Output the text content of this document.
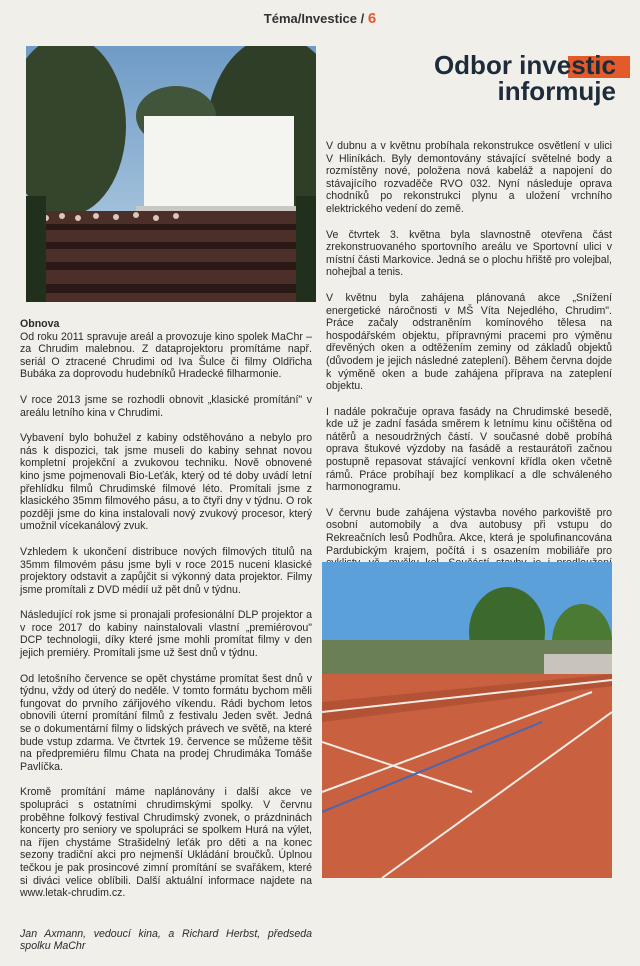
Téma/Investice / 6
Odbor investic
informuje

Obnova

Od roku 2011 spravuje areál a provozuje kino spolek MaChr – za Chrudim malebnou. Z dataprojektoru promítáme např. seriál O ztracené Chrudimi od Iva Šulce či filmy Oldřicha Bubáka za doprovodu hudebníků Hradecké filharmonie.

V roce 2013 jsme se rozhodli obnovit „klasické promítání" v areálu letního kina v Chrudimi.

Vybavení bylo bohužel z kabiny odstěhováno a nebylo pro nás k dispozici, tak jsme museli do kabiny sehnat novou kompletní projekční a zvukovou techniku. Nově obnovené kino jsme pojmenovali Bio-Leťák, který od té doby uvádí letní přehlídku filmů Chrudimské filmové léto. Promítali jsme z klasického 35mm filmového pásu, a to čtyři dny v týdnu. O rok později jsme do kina instalovali nový zvukový procesor, který umožnil vícekanálový zvuk.

Vzhledem k ukončení distribuce nových filmových titulů na 35mm filmovém pásu jsme byli v roce 2015 nuceni klasické projektory odstavit a zapůjčit si výkonný data projektor. Filmy jsme promítali z DVD médií už pět dnů v týdnu.

Následující rok jsme si pronajali profesionální DLP projektor a v roce 2017 do kabiny nainstalovali vlastní „premiérovou" DCP technologii, díky které jsme mohli promítat filmy v den jejich premiéry. Promítali jsme už šest dnů v týdnu.

Od letošního července se opět chystáme promítat šest dnů v týdnu, vždy od úterý do neděle. V tomto formátu bychom měli fungovat do prvního zářijového víkendu. Rádi bychom letos obnovili úterní promítání filmů z festivalu Jeden svět. Jedná se o dokumentární filmy o lidských právech ve světě, na které bude vstup zdarma. Ve čtvrtek 19. července se můžeme těšit na předpremiéru filmu Chata na prodej Chrudimáka Tomáše Pavlíčka.

Kromě promítání máme naplánovány i další akce ve spolupráci s ostatními chrudimskými spolky. V červnu proběhne folkový festival Chrudimský zvonek, o prázdninách koncerty pro seniory ve spolupráci se spolkem Hurá na výlet, na říjen chystáme Strašidelný leťák pro děti a na konec sezony tradiční akci pro nejmenší Ukládání broučků. Úplnou tečkou je pak prosincové zimní promítání se svařákem, které si diváci velice oblíbili. Další aktuální informace najdete na www.letak-chrudim.cz.

Jan Axmann, vedoucí kina, a Richard Herbst, předseda spolku MaChr

V dubnu a v květnu probíhala rekonstrukce osvětlení v ulici V Hliníkách. Byly demontovány stávající světelné body a rozmístěny nové, položena nová kabeláž a napojení do stávajícího rozvaděče RVO 032. Nyní následuje oprava chodníků po rekonstrukci plynu a uložení vrchního elektrického vedení do země.

Ve čtvrtek 3. května byla slavnostně otevřena část zrekonstruovaného sportovního areálu ve Sportovní ulici v místní části Markovice. Jedná se o plochu hřiště pro volejbal, nohejbal a tenis.

V květnu byla zahájena plánovaná akce „Snížení energetické náročnosti v MŠ Víta Nejedlého, Chrudim". Práce začaly odstraněním komínového tělesa na hospodářském objektu, přípravnými pracemi pro výměnu dřevěných oken a odtěžením zeminy od základů objektů (důvodem je jejich následné zateplení). Během června dojde k výměně oken a bude zahájena příprava na zateplení objektu.

I nadále pokračuje oprava fasády na Chrudimské besedě, kde už je zadní fasáda směrem k letnímu kinu očištěna od nátěrů a nesoudržných částí. V současné době probíhá oprava štukové výzdoby na fasádě a restaurátoři začnou postupně repasovat stávající venkovní křídla oken včetně rámů. Práce probíhají bez komplikací a dle schváleného harmonogramu.

V červnu bude zahájena výstavba nového parkoviště pro osobní automobily a dva autobusy při vstupu do Rekreačních lesů Podhůra. Akce, která je spolufinancována Pardubickým krajem, počítá i s osazením mobiliáře pro
